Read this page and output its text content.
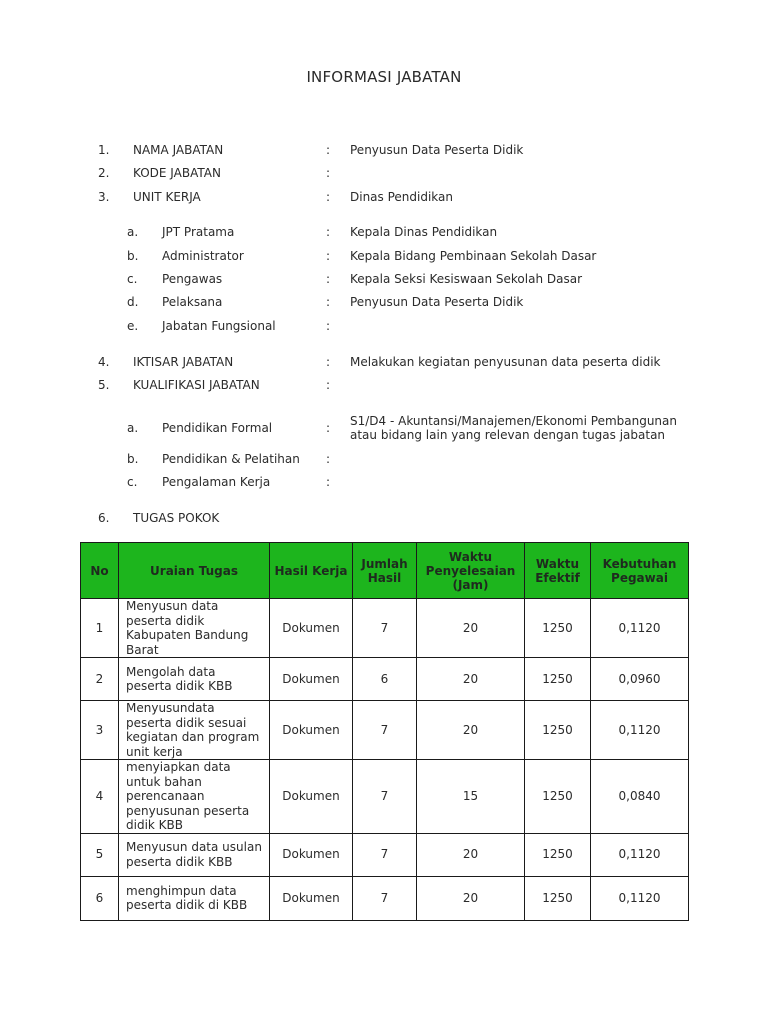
INFORMASI JABATAN
1. NAMA JABATAN	: Penyusun Data Peserta Didik
2. KODE JABATAN	:
3. UNIT KERJA	: Dinas Pendidikan
a. JPT Pratama	: Kepala Dinas Pendidikan
b. Administrator	: Kepala Bidang Pembinaan Sekolah Dasar
c. Pengawas	: Kepala Seksi Kesiswaan Sekolah Dasar
d. Pelaksana	: Penyusun Data Peserta Didik
e. Jabatan Fungsional	:
4. IKTISAR JABATAN	: Melakukan kegiatan penyusunan data peserta didik
5. KUALIFIKASI JABATAN	:
a. Pendidikan Formal	: S1/D4 - Akuntansi/Manajemen/Ekonomi Pembangunan atau bidang lain yang relevan dengan tugas jabatan
b. Pendidikan & Pelatihan :
c. Pengalaman Kerja	:
6. TUGAS POKOK
No	Uraian Tugas	Hasil Kerja	Jumlah Hasil	Waktu Penyelesaian (Jam)	Waktu Efektif	Kebutuhan Pegawai
1	Menyusun data peserta didik Kabupaten Bandung Barat	Dokumen	7	20	1250	0,1120
2	Mengolah data peserta didik KBB	Dokumen	6	20	1250	0,0960
3	Menyusundata peserta didik sesuai kegiatan dan program unit kerja	Dokumen	7	20	1250	0,1120
4	menyiapkan data untuk bahan perencanaan penyusunan peserta didik KBB	Dokumen	7	15	1250	0,0840
5	Menyusun data usulan peserta didik KBB	Dokumen	7	20	1250	0,1120
6	menghimpun data peserta didik di KBB	Dokumen	7	20	1250	0,1120
